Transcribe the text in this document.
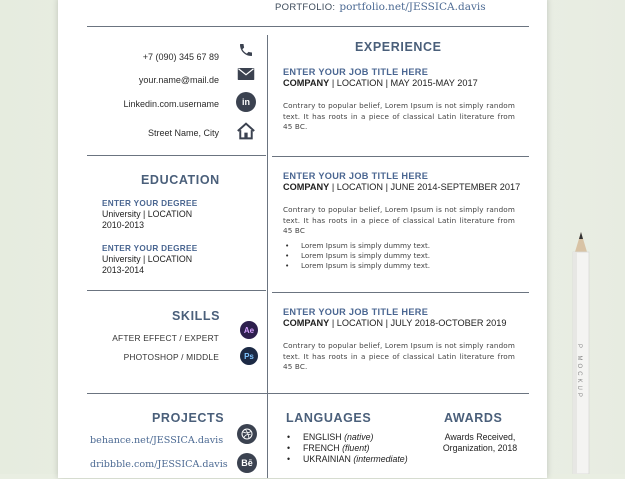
PORTFOLIO: portfolio.net/JESSICA.davis
+7 (090) 345 67 89
your.name@mail.de
Linkedin.com.username
Street Name, City
in
EXPERIENCE
ENTER YOUR JOB TITLE HERE
COMPANY | LOCATION | MAY 2015-MAY 2017
Contrary to popular belief, Lorem Ipsum is not simply random text. It has roots in a piece of classical Latin literature from 45 BC.
ENTER YOUR JOB TITLE HERE
COMPANY | LOCATION | JUNE 2014-SEPTEMBER 2017
Contrary to popular belief, Lorem Ipsum is not simply random text. It has roots in a piece of classical Latin literature from 45 BC
• Lorem Ipsum is simply dummy text.
• Lorem Ipsum is simply dummy text.
• Lorem Ipsum is simply dummy text.
ENTER YOUR JOB TITLE HERE
COMPANY | LOCATION | JULY 2018-OCTOBER 2019
Contrary to popular belief, Lorem Ipsum is not simply random text. It has roots in a piece of classical Latin literature from 45 BC.
EDUCATION
ENTER YOUR DEGREE
University | LOCATION
2010-2013
ENTER YOUR DEGREE
University | LOCATION
2013-2014
SKILLS
AFTER EFFECT / EXPERT
Ae
PHOTOSHOP / MIDDLE	Ps
PROJECTS
behance.net/JESSICA.davis
dribbble.com/JESSICA.davis	Bē
LANGUAGES
• ENGLISH (native)
• FRENCH (fluent)
• UKRAINIAN (intermediate)
AWARDS
Awards Received,
Organization, 2018
P MOCKUP
